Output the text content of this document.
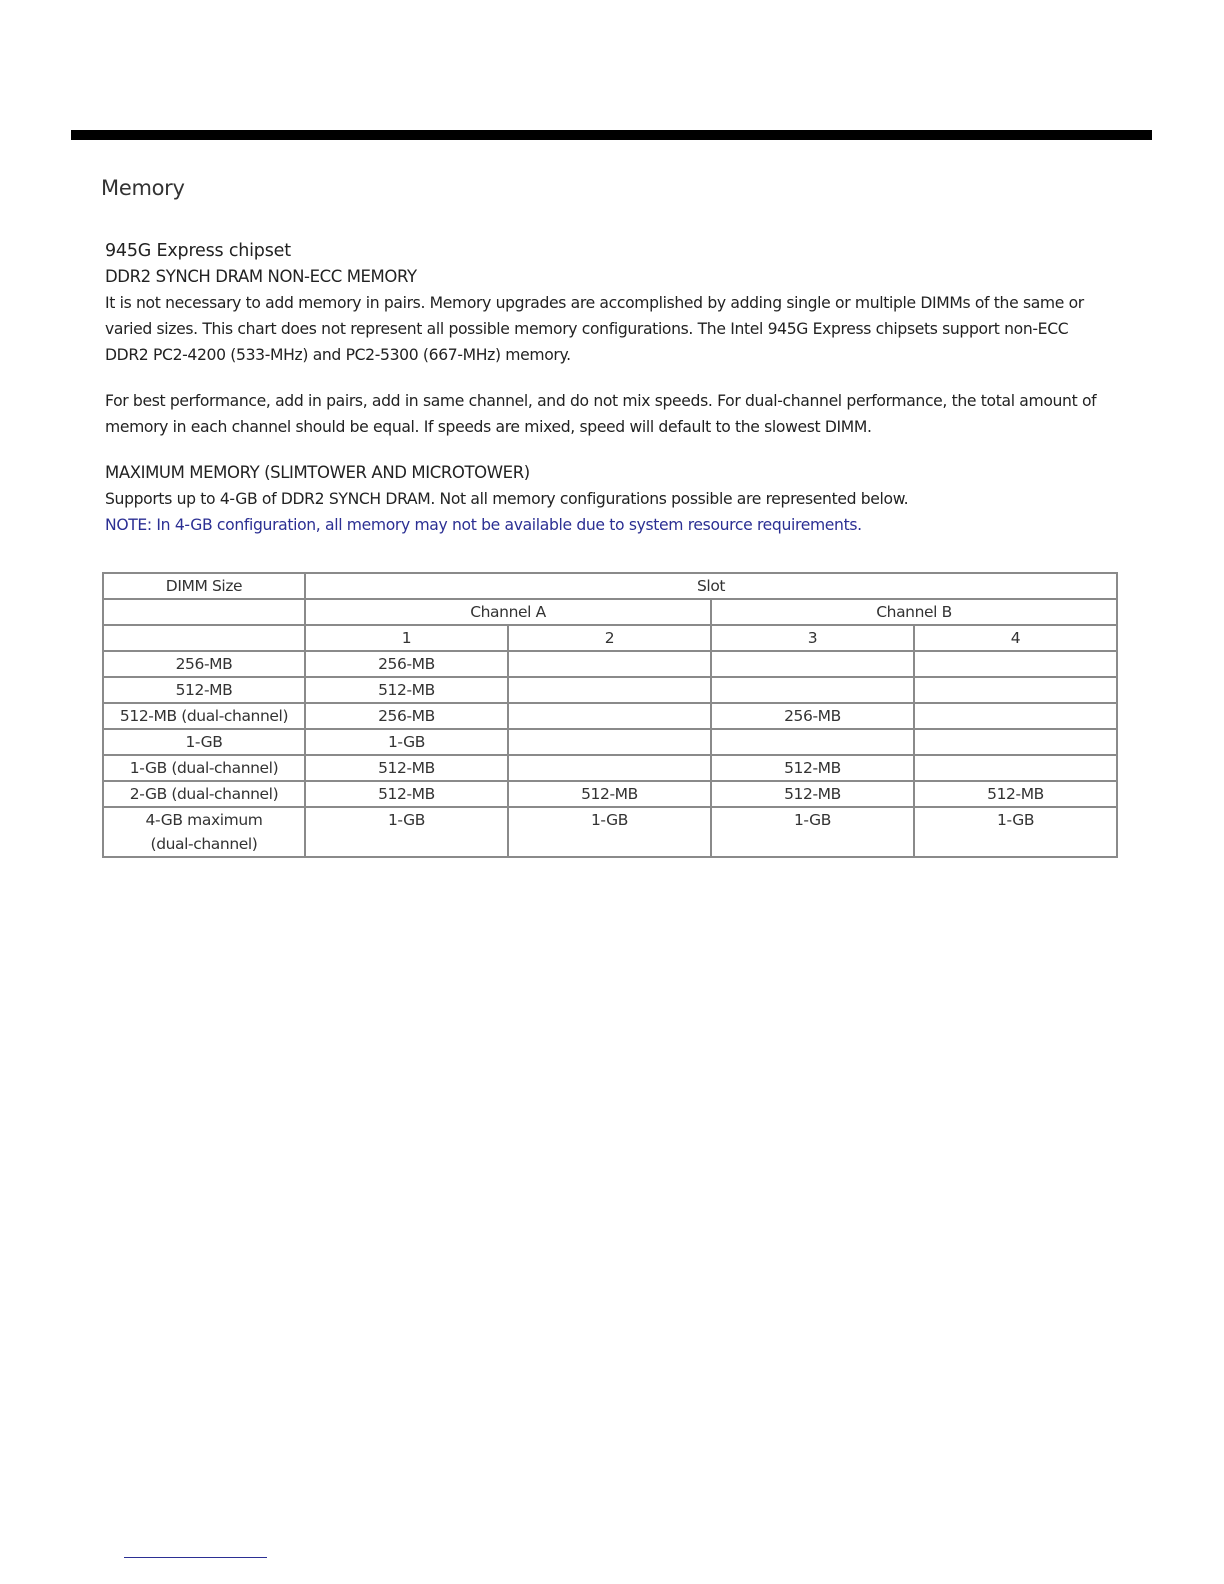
Memory

945G Express chipset

DDR2 SYNCH DRAM NON-ECC MEMORY

It is not necessary to add memory in pairs. Memory upgrades are accomplished by adding single or multiple DIMMs of the same or varied sizes. This chart does not represent all possible memory configurations. The Intel 945G Express chipsets support non-ECC DDR2 PC2-4200 (533-MHz) and PC2-5300 (667-MHz) memory.

For best performance, add in pairs, add in same channel, and do not mix speeds. For dual-channel performance, the total amount of memory in each channel should be equal. If speeds are mixed, speed will default to the slowest DIMM.

MAXIMUM MEMORY (SLIMTOWER AND MICROTOWER)

Supports up to 4-GB of DDR2 SYNCH DRAM. Not all memory configurations possible are represented below.

NOTE: In 4-GB configuration, all memory may not be available due to system resource requirements.

DIMM Size	Slot			
	Channel A		Channel B	
	1	2	3	4
256-MB	256-MB			
512-MB	512-MB			
512-MB (dual-channel)	256-MB		256-MB	
1-GB	1-GB			
1-GB (dual-channel)	512-MB		512-MB	
2-GB (dual-channel)	512-MB	512-MB	512-MB	512-MB
4-GB maximum
(dual-channel)	1-GB	1-GB	1-GB	1-GB
